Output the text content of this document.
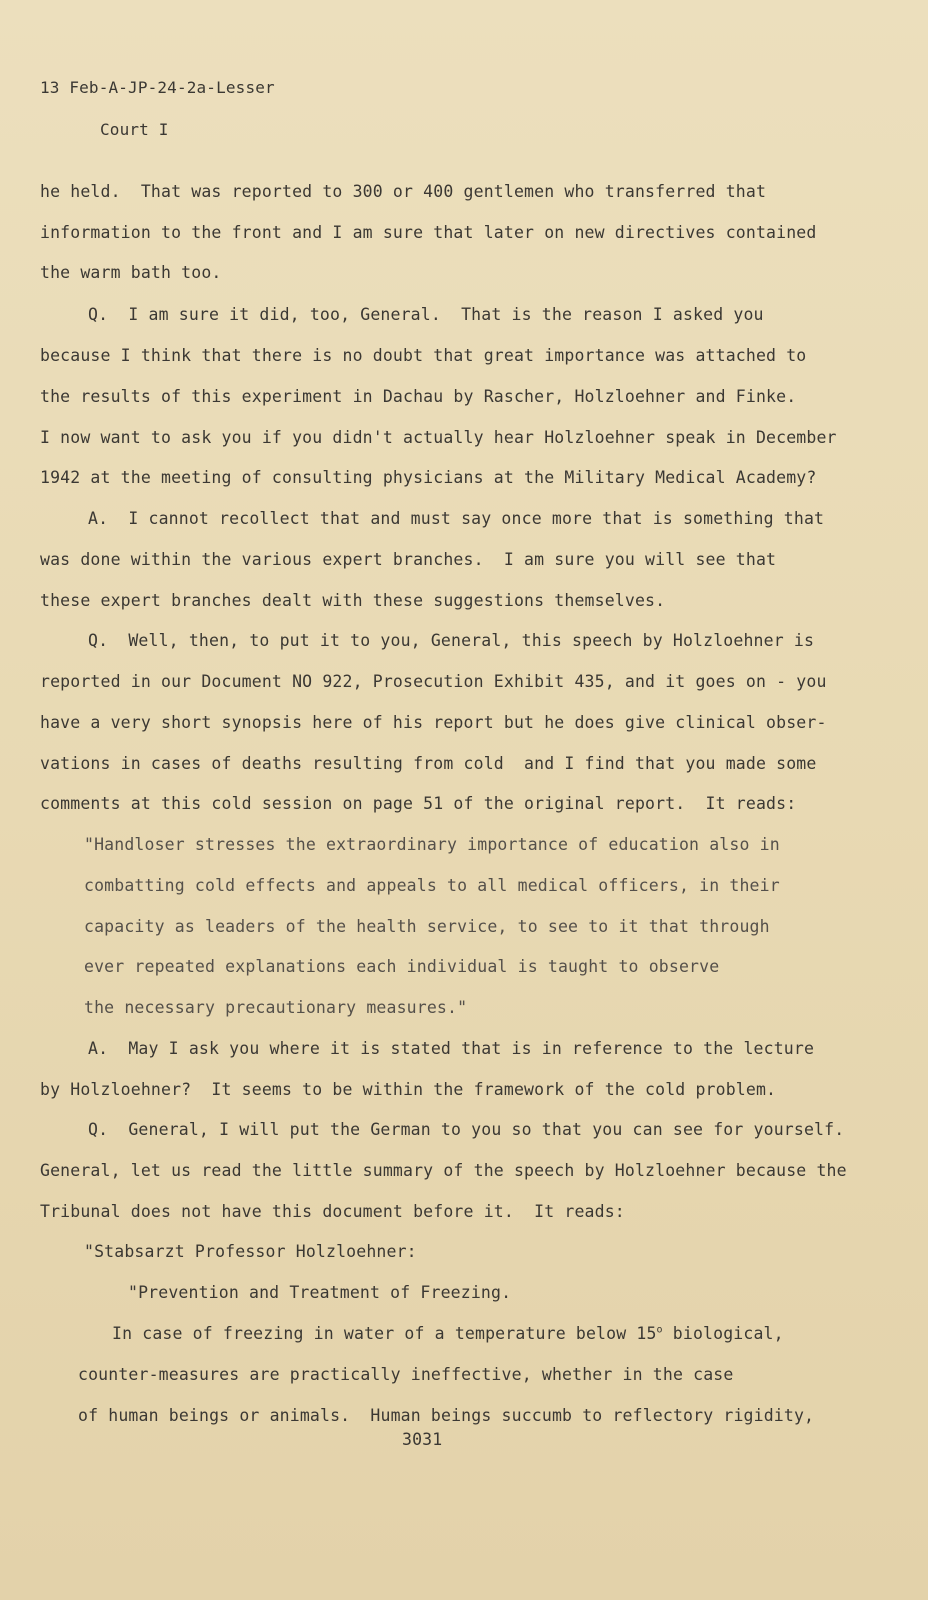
13 Feb-A-JP-24-2a-Lesser
Court I
he held.  That was reported to 300 or 400 gentlemen who transferred that
information to the front and I am sure that later on new directives contained
the warm bath too.
Q.  I am sure it did, too, General.  That is the reason I asked you
because I think that there is no doubt that great importance was attached to
the results of this experiment in Dachau by Rascher, Holzloehner and Finke.
I now want to ask you if you didn't actually hear Holzloehner speak in December
1942 at the meeting of consulting physicians at the Military Medical Academy?
A.  I cannot recollect that and must say once more that is something that
was done within the various expert branches.  I am sure you will see that
these expert branches dealt with these suggestions themselves.
Q.  Well, then, to put it to you, General, this speech by Holzloehner is
reported in our Document NO 922, Prosecution Exhibit 435, and it goes on - you
have a very short synopsis here of his report but he does give clinical obser-
vations in cases of deaths resulting from cold  and I find that you made some
comments at this cold session on page 51 of the original report.  It reads:
"Handloser stresses the extraordinary importance of education also in
combatting cold effects and appeals to all medical officers, in their
capacity as leaders of the health service, to see to it that through
ever repeated explanations each individual is taught to observe
the necessary precautionary measures."
A.  May I ask you where it is stated that is in reference to the lecture
by Holzloehner?  It seems to be within the framework of the cold problem.
Q.  General, I will put the German to you so that you can see for yourself.
General, let us read the little summary of the speech by Holzloehner because the
Tribunal does not have this document before it.  It reads:
"Stabsarzt Professor Holzloehner:
"Prevention and Treatment of Freezing.
In case of freezing in water of a temperature below 15$^o$ biological,
counter-measures are practically ineffective, whether in the case
of human beings or animals.  Human beings succumb to reflectory rigidity,
3031
